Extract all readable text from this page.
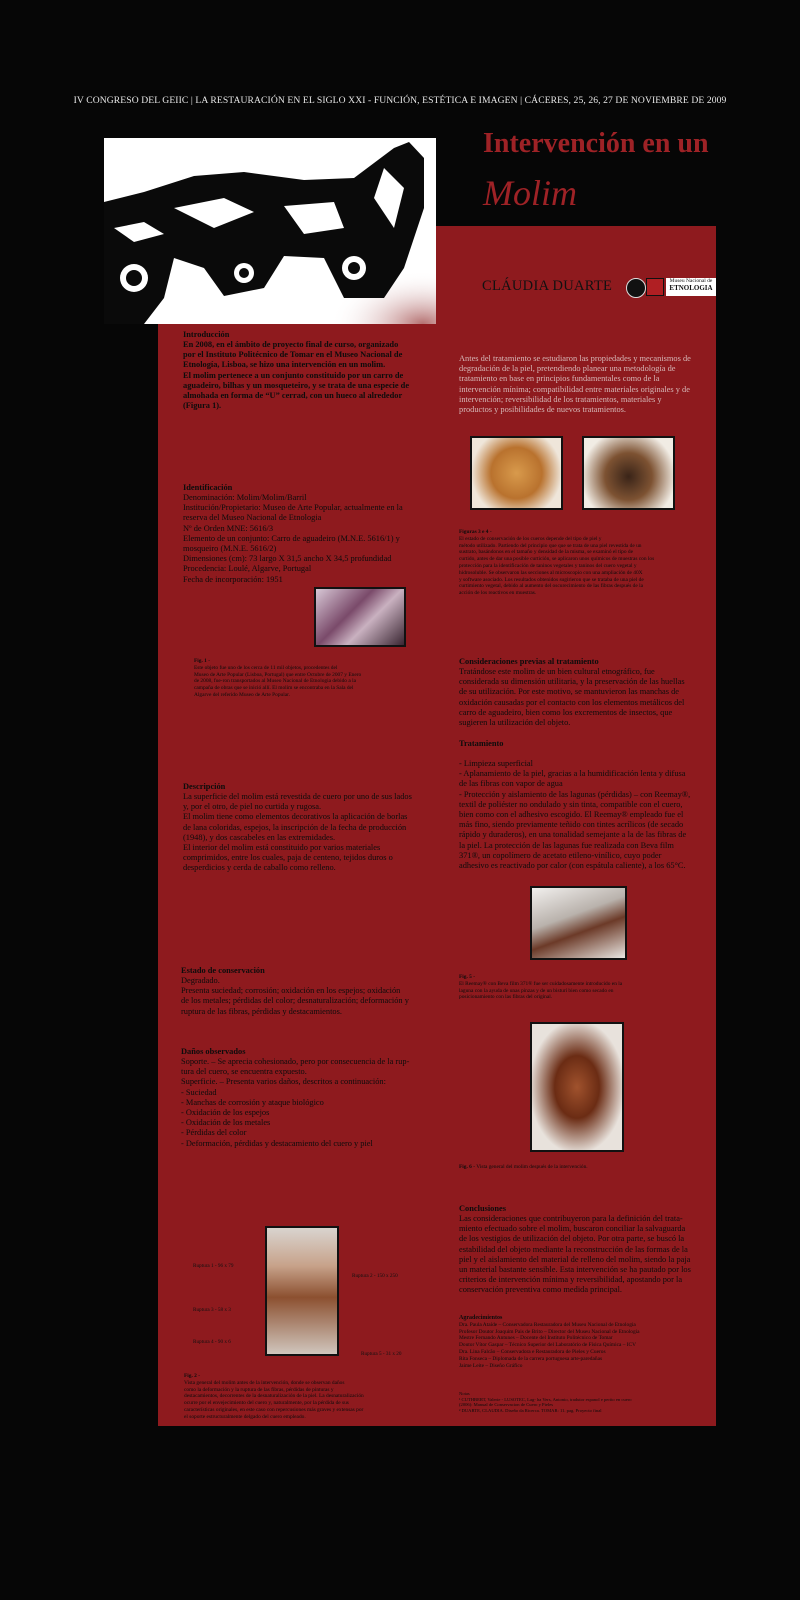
IV CONGRESO DEL GEIIC | LA RESTAURACIÓN EN EL SIGLO XXI - FUNCIÓN, ESTÉTICA E IMAGEN | CÁCERES, 25, 26, 27 DE NOVIEMBRE DE 2009
Intervención en un
Molim
CLÁUDIA DUARTE	Museu Nacional de
ETNOLOGIA
Introducción
En 2008, en el ámbito de proyecto final de curso, organizado
por el Instituto Politécnico de Tomar en el Museo Nacional de
Etnología, Lisboa, se hizo una intervención en un molim.
El molim pertenece a un conjunto constituido por un carro de
aguadeiro, bilhas y un mosqueteiro, y se trata de una especie de
almohada en forma de “U” cerrad, con un hueco al alrededor
(Figura 1).
Identificación
Denominación: Molim/Molim/Barril
Institución/Propietario: Museo de Arte Popular, actualmente en la
reserva del Museo Nacional de Etnologia
Nº de Orden MNE: 5616/3
Elemento de un conjunto: Carro de aguadeiro (M.N.E. 5616/1) y
mosqueiro (M.N.E. 5616/2)
Dimensiones (cm): 73 largo X 31,5 ancho X 34,5 profundidad
Procedencia: Loulé, Algarve, Portugal
Fecha de incorporación: 1951
Fig. 1 -
Este objeto fue uno de los cerca de 11 mil objetos, procedentes del
Museo de Arte Popular (Lisboa, Portugal) que entre Octubre de 2007 y Enero
de 2008, fue-ron transportados al Museo Nacional de Etnologia debido a la
campaña de obras que se inició allí. El molim se encontraba en la Sala del
Algarve del referido Museo de Arte Popular.
Descripción
La superficie del molim está revestida de cuero por uno de sus lados
y, por el otro, de piel no curtida y rugosa.
El molim tiene como elementos decorativos la aplicación de borlas
de lana coloridas, espejos, la inscripción de la fecha de producción
(1948), y dos cascabeles en las extremidades.
El interior del molim está constituido por varios materiales
comprimidos, entre los cuales, paja de centeno, tejidos duros o
desperdicios y cerda de caballo como relleno.
Estado de conservación
Degradado.
Presenta suciedad; corrosión; oxidación en los espejos; oxidación
de los metales; pérdidas del color; desnaturalización; deformación y
ruptura de las fibras, pérdidas y destacamientos.
Daños observados
Soporte. – Se aprecia cohesionado, pero por consecuencia de la rup-
tura del cuero, se encuentra expuesto.
Superficie. – Presenta varios daños, descritos a continuación:
- Suciedad
- Manchas de corrosión y ataque biológico
- Oxidación de los espejos
- Oxidación de los metales
- Pérdidas del color
- Deformación, pérdidas y destacamiento del cuero y piel
Ruptura 1 - 96 x 79
Ruptura 2 - 150 x 250
Ruptura 3 - 58 x 3
Ruptura 4 - 90 x 6
Ruptura 5 - 31 x 20
Fig. 2 -
Vista general del molim antes de la intervención, donde se observan daños
como la deformación y la ruptura de las fibras, pérdidas de pinturas y
destacamientos, decorrentes de la desnaturalización de la piel. La desnaturalización
ocurre por el envejecimiento del cuero y, naturalmente, por la pérdida de sus
características originales, en este caso con repercusiones más graves y extensas por
el soporte estructuralmente delgado del cuero empleado.
Antes del tratamiento se estudiaron las propiedades y mecanismos de
degradación de la piel, pretendiendo planear una metodología de
tratamiento en base en principios fundamentales como de la
intervención mínima; compatibilidad entre materiales originales y de
intervención; reversibilidad de los tratamientos, materiales y
productos y posibilidades de nuevos tratamientos.
Figuras 3 e 4 -
El estado de conservación de los cueros depende del tipo de piel y
método utilizado. Partiendo del principio que que se trata de una piel revestida de un
sustrato, basándonos en el tamaño y densidad de la misma, se examinó el tipo de
curtido, antes de dar una posible curtición, se aplicaron unos químicos de muestras con los
protección para la identificación de taninos vegetales y taninos del cuero vegetal y
hidrosoluble. Se observaron las secciones al microscopio con una ampliación de 40X
y software asociado. Los resultados obtenidos sugirieron que se trataba de una piel de
curtimiento vegetal, debido al aumento del oscurecimiento de las fibras después de la
acción de los reactivos en muestras.
Consideraciones previas al tratamiento
Tratándose este molim de un bien cultural etnográfico, fue
considerada su dimensión utilitaria, y la preservación de las huellas
de su utilización. Por este motivo, se mantuvieron las manchas de
oxidación causadas por el contacto con los elementos metálicos del
carro de aguadeiro, bien como los excrementos de insectos, que
sugieren la utilización del objeto.
Tratamiento
- Limpieza superficial
- Aplanamiento de la piel, gracias a la humidificación lenta y difusa
de las fibras con vapor de agua
- Protección y aislamiento de las lagunas (pérdidas) – con Reemay®,
textil de poliéster no ondulado y sin tinta, compatible con el cuero,
bien como con el adhesivo escogido. El Reemay® empleado fue el
más fino, siendo previamente teñido con tintes acrílicos (de secado
rápido y duraderos), en una tonalidad semejante a la de las fibras de
la piel. La protección de las lagunas fue realizada con Beva film
371®, un copolímero de acetato etileno-vinílico, cuyo poder
adhesivo es reactivado por calor (con espátula caliente), a los 65°C.
Fig. 5 -
El Reemay® con Beva film 371® fue ser cuidadosamente introducido en la
laguna con la ayuda de unas pinzas y de un bisturí bien como secado en
posicionamiento con las fibras del original.
Fig. 6 - Vista general del molim después de la intervención.
Conclusiones
Las consideraciones que contribuyeron para la definición del trata-
miento efectuado sobre el molim, buscaron conciliar la salvaguarda
de los vestigios de utilización del objeto. Por otra parte, se buscó la
estabilidad del objeto mediante la reconstrucción de las formas de la
piel y el aislamiento del material de relleno del molim, siendo la paja
un material bastante sensible. Esta intervención se ha pautado por los
criterios de intervención mínima y reversibilidad, apostando por la
conservación preventiva como medida principal.
Agradecimientos
Dra. Paula Ataíde – Conservadora Restauradora del Museu Nacional de Etnologia
Profesor Doutor Joaquim Pais de Brito – Director del Museu Nacional de Etnologia
Mestre Fernando Antunes – Docente del Instituto Politécnico de Tomar
Doutor Vítor Gaspar – Técnico Superior del Laboratório de Física Química – ICV
Dra. Lina Falcão – Conservadora e Restauradora de Pieles y Cueros
Rita Fonseca – Diplomada de la carrera portuguesa arte-paredañas
Jaime Leite – Diseño Gráfico
Notas
¹ CUTHBERT, Valerie - LUSOTEC, Lag- ha Vers, Antonio, tradutor espanol e perito en cuero
(2006): Manual de Conservacion de Cuero y Pieles
² DUARTE, CLAUDIA. Diseño da Ricerca. TOMAR: 11. pag. Proyecto final
